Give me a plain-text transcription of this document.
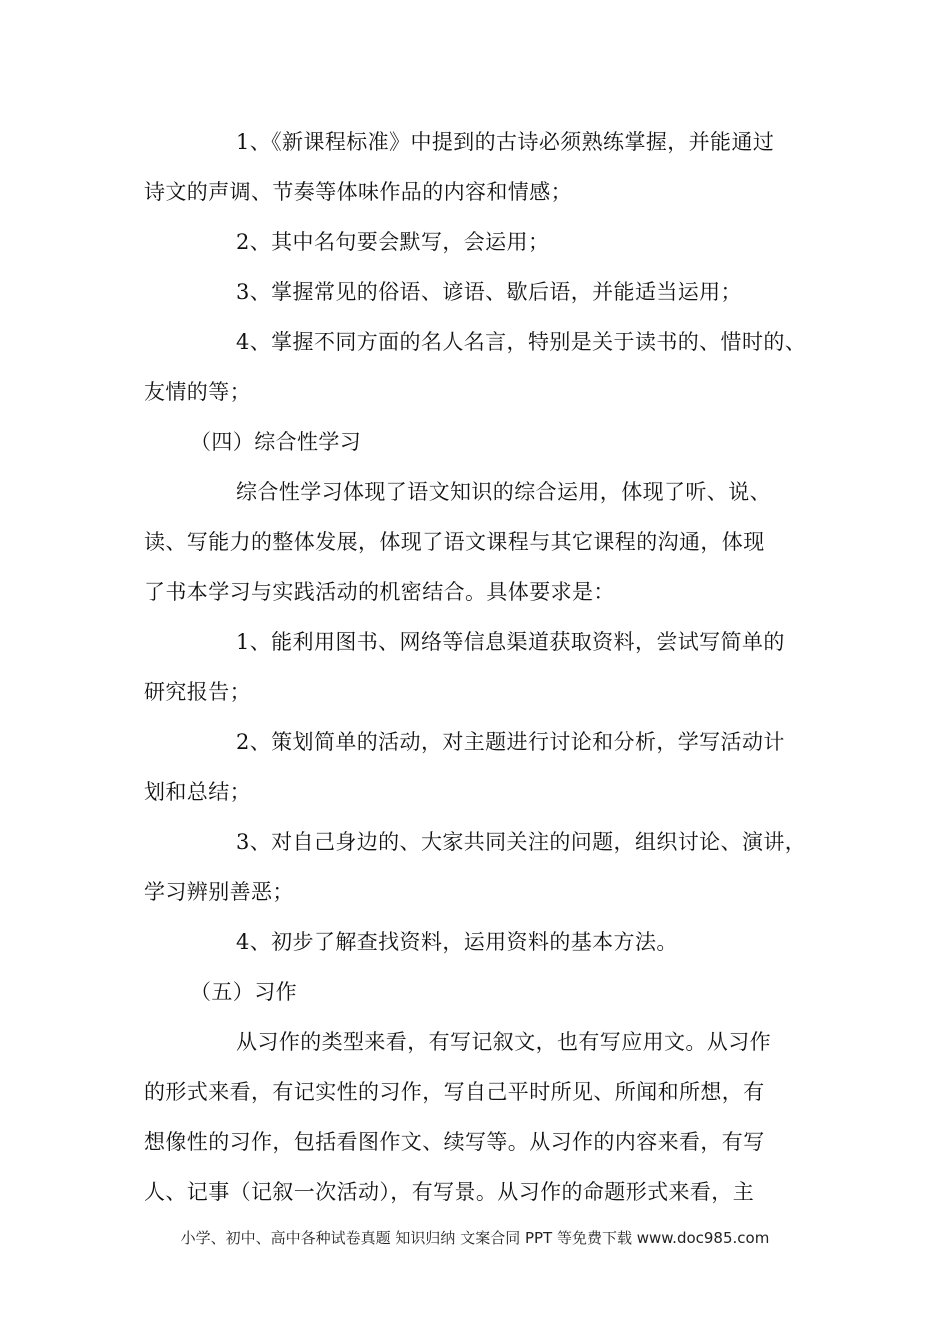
1、《新课程标准》中提到的古诗必须熟练掌握，并能通过
诗文的声调、节奏等体味作品的内容和情感；
2、其中名句要会默写，会运用；
3、掌握常见的俗语、谚语、歇后语，并能适当运用；
4、掌握不同方面的名人名言，特别是关于读书的、惜时的、
友情的等；
（四）综合性学习
综合性学习体现了语文知识的综合运用，体现了听、说、
读、写能力的整体发展，体现了语文课程与其它课程的沟通，体现
了书本学习与实践活动的机密结合。具体要求是：
1、能利用图书、网络等信息渠道获取资料，尝试写简单的
研究报告；
2、策划简单的活动，对主题进行讨论和分析，学写活动计
划和总结；
3、对自己身边的、大家共同关注的问题，组织讨论、演讲，
学习辨别善恶；
4、初步了解查找资料，运用资料的基本方法。
（五）习作
从习作的类型来看，有写记叙文，也有写应用文。从习作
的形式来看，有记实性的习作，写自己平时所见、所闻和所想，有
想像性的习作，包括看图作文、续写等。从习作的内容来看，有写
人、记事（记叙一次活动），有写景。从习作的命题形式来看，主
小学、初中、高中各种试卷真题 知识归纳 文案合同 PPT 等免费下载 www.doc985.com
